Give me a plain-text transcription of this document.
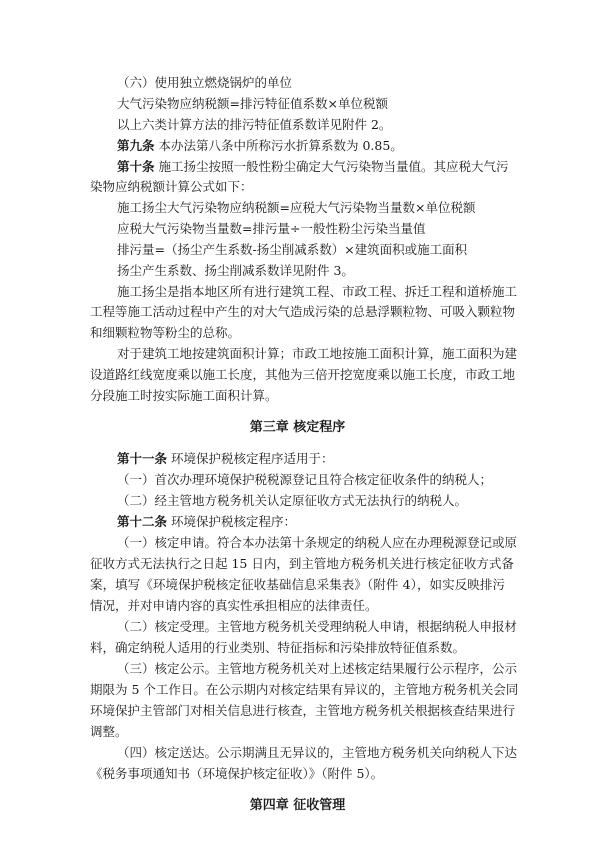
（六）使用独立燃烧锅炉的单位
大气污染物应纳税额=排污特征值系数×单位税额
以上六类计算方法的排污特征值系数详见附件 2。
第九条 本办法第八条中所称污水折算系数为 0.85。
第十条 施工扬尘按照一般性粉尘确定大气污染物当量值。其应税大气污
染物应纳税额计算公式如下：
施工扬尘大气污染物应纳税额=应税大气污染物当量数×单位税额
应税大气污染物当量数=排污量÷一般性粉尘污染当量值
排污量=（扬尘产生系数-扬尘削减系数）×建筑面积或施工面积
扬尘产生系数、扬尘削减系数详见附件 3。
施工扬尘是指本地区所有进行建筑工程、市政工程、拆迁工程和道桥施工
工程等施工活动过程中产生的对大气造成污染的总悬浮颗粒物、可吸入颗粒物
和细颗粒物等粉尘的总称。
对于建筑工地按建筑面积计算；市政工地按施工面积计算，施工面积为建
设道路红线宽度乘以施工长度，其他为三倍开挖宽度乘以施工长度，市政工地
分段施工时按实际施工面积计算。
第三章 核定程序
第十一条 环境保护税核定程序适用于：
（一）首次办理环境保护税税源登记且符合核定征收条件的纳税人；
（二）经主管地方税务机关认定原征收方式无法执行的纳税人。
第十二条 环境保护税核定程序：
（一）核定申请。符合本办法第十条规定的纳税人应在办理税源登记或原
征收方式无法执行之日起 15 日内，到主管地方税务机关进行核定征收方式备
案，填写《环境保护税核定征收基础信息采集表》（附件 4），如实反映排污
情况，并对申请内容的真实性承担相应的法律责任。
（二）核定受理。主管地方税务机关受理纳税人申请，根据纳税人申报材
料，确定纳税人适用的行业类别、特征指标和污染排放特征值系数。
（三）核定公示。主管地方税务机关对上述核定结果履行公示程序，公示
期限为 5 个工作日。在公示期内对核定结果有异议的，主管地方税务机关会同
环境保护主管部门对相关信息进行核查，主管地方税务机关根据核查结果进行
调整。
（四）核定送达。公示期满且无异议的，主管地方税务机关向纳税人下达
《税务事项通知书（环境保护核定征收）》（附件 5）。
第四章 征收管理
